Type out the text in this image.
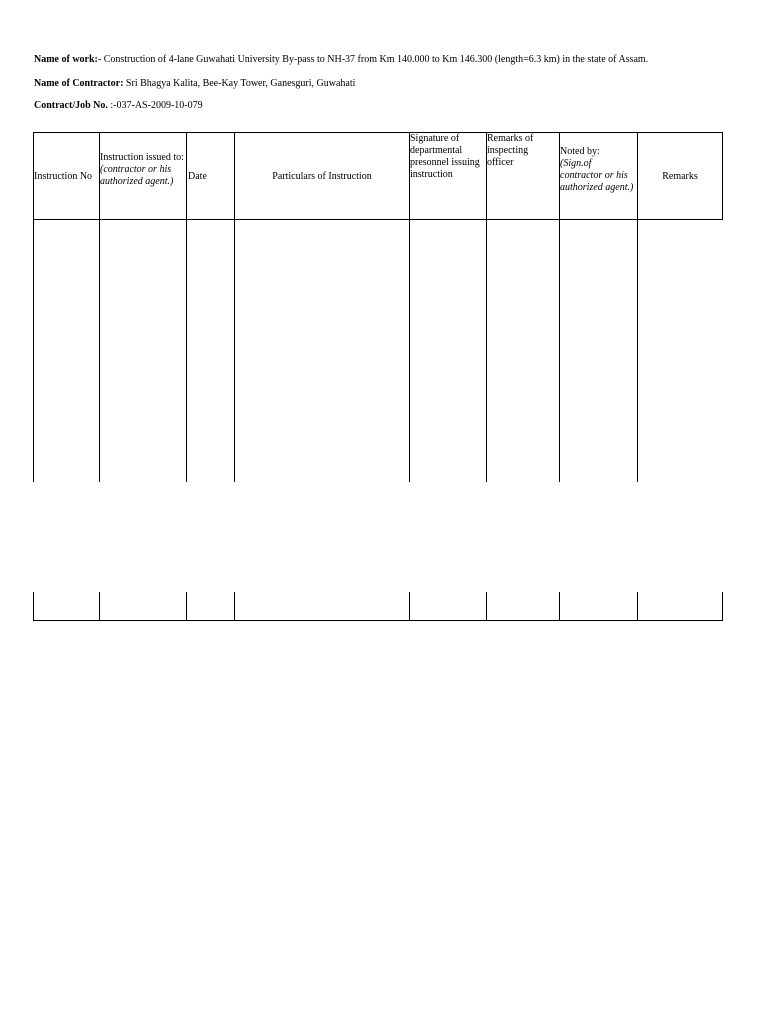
Name of work:- Construction of 4-lane Guwahati University By-pass to NH-37 from Km 140.000 to Km 146.300 (length=6.3 km) in the state of Assam.
Name of Contractor: Sri Bhagya Kalita, Bee-Kay Tower, Ganesguri, Guwahati
Contract/Job No. :-037-AS-2009-10-079
Instruction No
Instruction issued to:
(contractor or his authorized agent.)	Date	Particulars of Instruction
Signature of departmental presonnel issuing instruction
Remarks of inspecting officer
Noted by:
(Sign.of contractor or his authorized agent.)
Remarks
